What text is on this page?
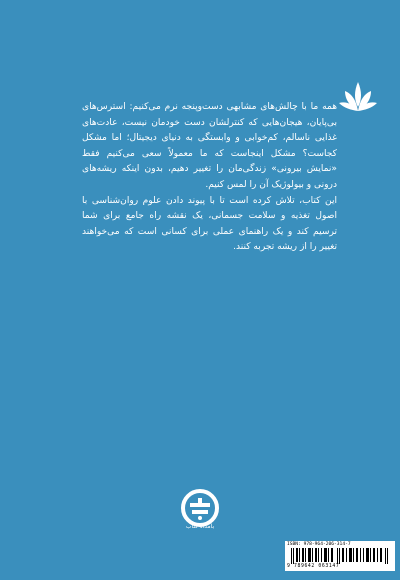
همه ما با چالش‌های مشابهی دست‌وپنجه نرم می‌کنیم: استرس‌های بی‌پایان، هیجان‌هایی که کنترلشان دست خودمان نیست، عادت‌های غذایی ناسالم، کم‌خوابی و وابستگی به دنیای دیجیتال؛ اما مشکل کجاست؟ مشکل اینجاست که ما معمولاً سعی می‌کنیم فقط «نمایش بیرونی» زندگی‌مان را تغییر دهیم، بدون اینکه ریشه‌های درونی و بیولوژیک آن را لمس کنیم.

این کتاب، تلاش کرده است تا با پیوند دادن علوم روان‌شناسی با اصول تغذیه و سلامت جسمانی، یک نقشه راه جامع برای شما ترسیم کند و یک راهنمای عملی برای کسانی است که می‌خواهند تغییر را از ریشه تجربه کنند.

بامداد کتاب
ISBN: 978-964-206-314-7
9 789642 063147
